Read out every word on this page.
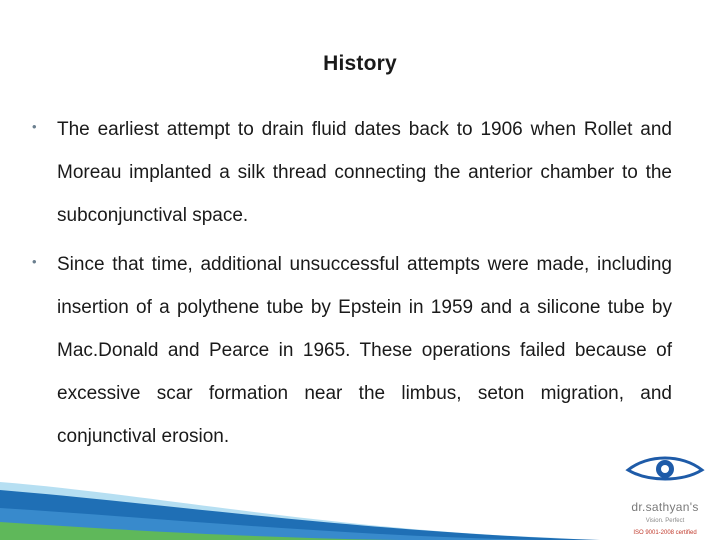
History
• The earliest attempt to drain fluid dates back to 1906 when Rollet and Moreau implanted a silk thread connecting the anterior chamber to the subconjunctival space.
• Since that time, additional unsuccessful attempts were made, including insertion of a polythene tube by Epstein in 1959 and a silicone tube by Mac.Donald and Pearce in 1965. These operations failed because of excessive scar formation near the limbus, seton migration, and conjunctival erosion.
dr.sathyan's
Vision. Perfect
ISO 9001-2008 certified
